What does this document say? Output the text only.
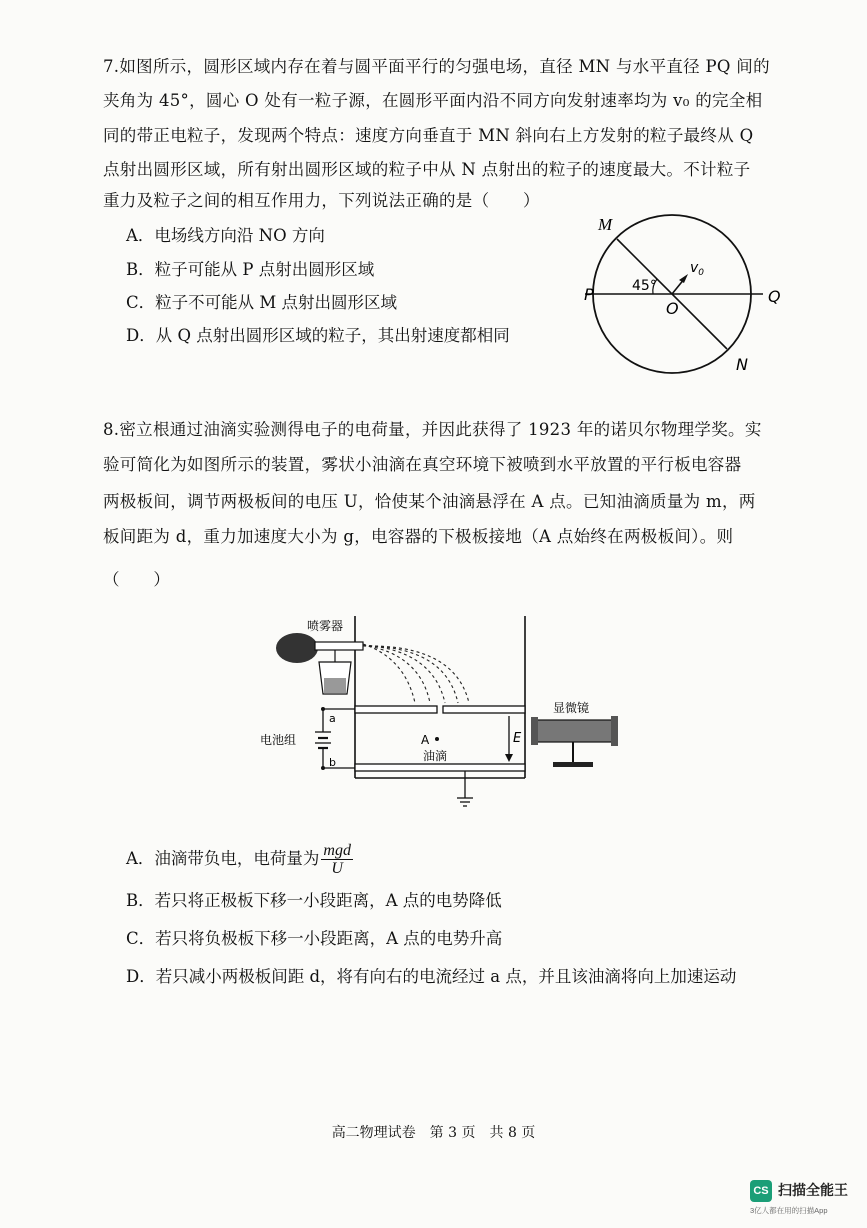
7.如图所示，圆形区域内存在着与圆平面平行的匀强电场，直径 MN 与水平直径 PQ 间的
夹角为 45°，圆心 O 处有一粒子源，在圆形平面内沿不同方向发射速率均为 v₀ 的完全相
同的带正电粒子，发现两个特点：速度方向垂直于 MN 斜向右上方发射的粒子最终从 Q
点射出圆形区域，所有射出圆形区域的粒子中从 N 点射出的粒子的速度最大。不计粒子
重力及粒子之间的相互作用力，下列说法正确的是（　　）
A．电场线方向沿 NO 方向
B．粒子可能从 P 点射出圆形区域
C．粒子不可能从 M 点射出圆形区域
D．从 Q 点射出圆形区域的粒子，其出射速度都相同
M
P	Q
N
O
45°
$v_0$
8.密立根通过油滴实验测得电子的电荷量，并因此获得了 1923 年的诺贝尔物理学奖。实
验可简化为如图所示的装置，雾状小油滴在真空环境下被喷到水平放置的平行板电容器
两极板间，调节两极板间的电压 U，恰使某个油滴悬浮在 A 点。已知油滴质量为 m，两
板间距为 d，重力加速度大小为 g，电容器的下极板接地（A 点始终在两极板间）。则
（　　）
喷雾器
E
A
油滴
a
b
电池组
显微镜
A．油滴带负电，电荷量为 $\frac{\text{mgd}}{U}$
B．若只将正极板下移一小段距离，A 点的电势降低
C．若只将负极板下移一小段距离，A 点的电势升高
D．若只减小两极板间距 d，将有向右的电流经过 a 点，并且该油滴将向上加速运动
高二物理试卷　第 3 页　共 8 页
CS 扫描全能王
3亿人都在用的扫描App
